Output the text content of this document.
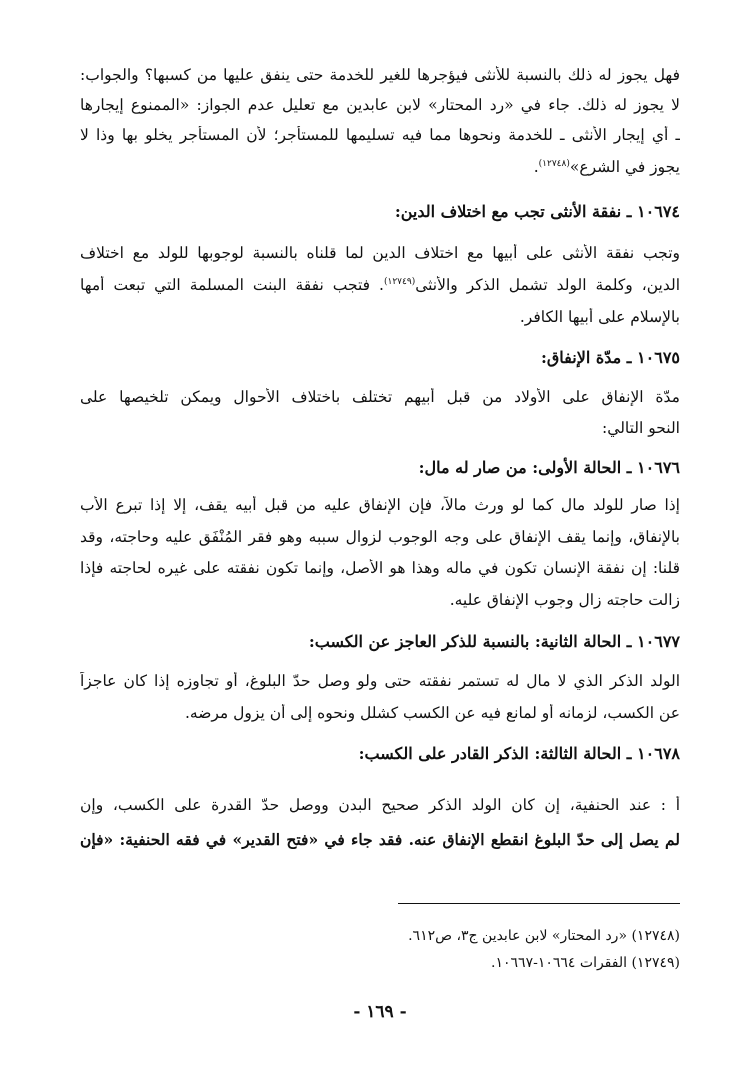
فهل يجوز له ذلك بالنسبة للأنثى فيؤجرها للغير للخدمة حتى ينفق عليها من كسبها؟ والجواب:
لا يجوز له ذلك. جاء في «رد المحتار» لابن عابدين مع تعليل عدم الجواز: «الممنوع إيجارها
ـ أي إيجار الأنثى ـ للخدمة ونحوها مما فيه تسليمها للمستأجر؛ لأن المستأجر يخلو بها وذا لا
يجوز في الشرع»$^{(١٢٧٤٨)}$.
١٠٦٧٤ ـ نفقة الأنثى تجب مع اختلاف الدين:
وتجب نفقة الأنثى على أبيها مع اختلاف الدين لما قلناه بالنسبة لوجوبها للولد مع اختلاف
الدين، وكلمة الولد تشمل الذكر والأنثى$^{(١٢٧٤٩)}$. فتجب نفقة البنت المسلمة التي تبعت أمها
بالإسلام على أبيها الكافر.
١٠٦٧٥ ـ مدّة الإنفاق:
مدّة الإنفاق على الأولاد من قبل أبيهم تختلف باختلاف الأحوال ويمكن تلخيصها على
النحو التالي:
١٠٦٧٦ ـ الحالة الأولى: من صار له مال:
إذا صار للولد مال كما لو ورث مالاً، فإن الإنفاق عليه من قبل أبيه يقف، إلا إذا تبرع الأب
بالإنفاق، وإنما يقف الإنفاق على وجه الوجوب لزوال سببه وهو فقر المُنْفَق عليه وحاجته، وقد
قلنا: إن نفقة الإنسان تكون في ماله وهذا هو الأصل، وإنما تكون نفقته على غيره لحاجته فإذا
زالت حاجته زال وجوب الإنفاق عليه.
١٠٦٧٧ ـ الحالة الثانية: بالنسبة للذكر العاجز عن الكسب:
الولد الذكر الذي لا مال له تستمر نفقته حتى ولو وصل حدّ البلوغ، أو تجاوزه إذا كان عاجزاً
عن الكسب، لزمانه أو لمانع فيه عن الكسب كشلل ونحوه إلى أن يزول مرضه.
١٠٦٧٨ ـ الحالة الثالثة: الذكر القادر على الكسب:
أ : عند الحنفية، إن كان الولد الذكر صحيح البدن ووصل حدّ القدرة على الكسب، وإن
لم يصل إلى حدّ البلوغ انقطع الإنفاق عنه. فقد جاء في «فتح القدير» في فقه الحنفية: «فإن
(١٢٧٤٨) «رد المحتار» لابن عابدين ج٣، ص٦١٢.
(١٢٧٤٩) الفقرات ١٠٦٦٤-١٠٦٦٧.
- ١٦٩ -
